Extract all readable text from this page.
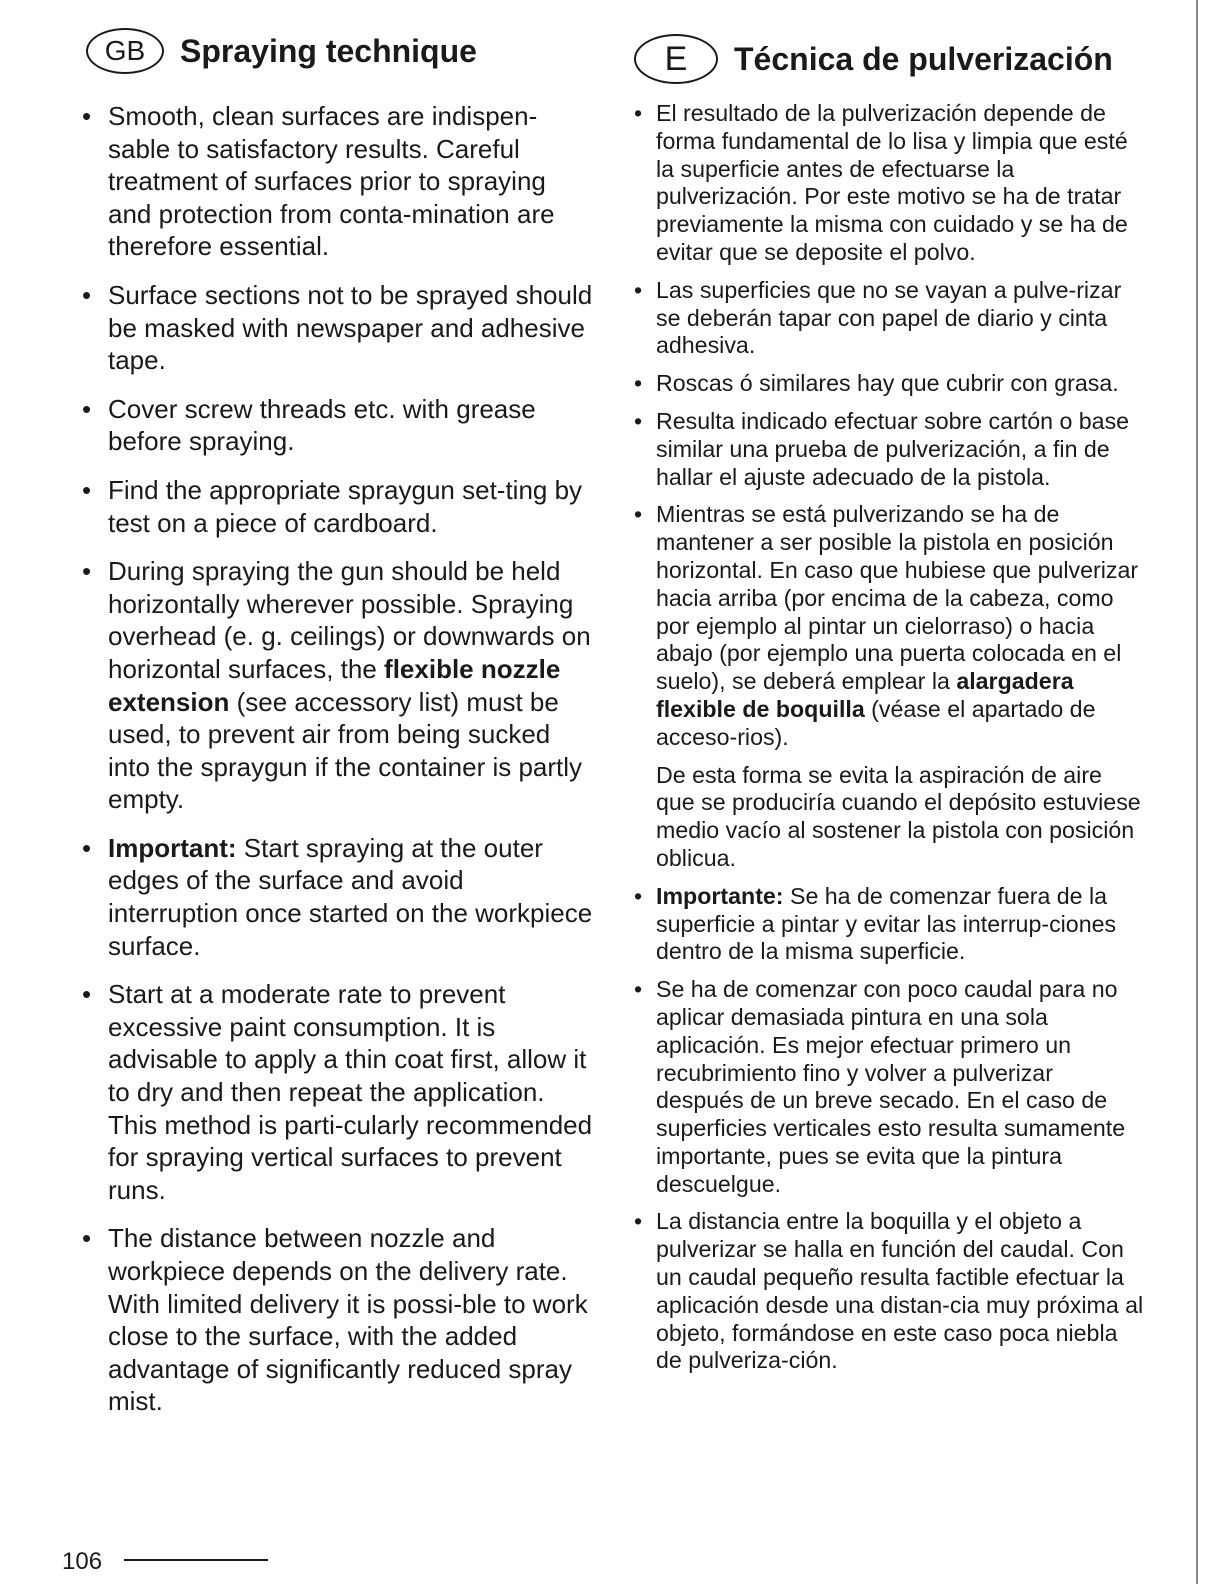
GB Spraying technique
• Smooth, clean surfaces are indispen-sable to satisfactory results. Careful treatment of surfaces prior to spraying and protection from conta-mination are therefore essential.
• Surface sections not to be sprayed should be masked with newspaper and adhesive tape.
• Cover screw threads etc. with grease before spraying.
• Find the appropriate spraygun set-ting by test on a piece of cardboard.
• During spraying the gun should be held horizontally wherever possible. Spraying overhead (e. g. ceilings) or downwards on horizontal surfaces, the flexible nozzle extension (see accessory list) must be used, to prevent air from being sucked into the spraygun if the container is partly empty.
• Important: Start spraying at the outer edges of the surface and avoid interruption once started on the workpiece surface.
• Start at a moderate rate to prevent excessive paint consumption. It is advisable to apply a thin coat first, allow it to dry and then repeat the application. This method is parti-cularly recommended for spraying vertical surfaces to prevent runs.
• The distance between nozzle and workpiece depends on the delivery rate. With limited delivery it is possi-ble to work close to the surface, with the added advantage of significantly reduced spray mist.
E Técnica de pulverización
• El resultado de la pulverización depende de forma fundamental de lo lisa y limpia que esté la superficie antes de efectuarse la pulverización. Por este motivo se ha de tratar previamente la misma con cuidado y se ha de evitar que se deposite el polvo.
• Las superficies que no se vayan a pulve-rizar se deberán tapar con papel de diario y cinta adhesiva.
• Roscas ó similares hay que cubrir con grasa.
• Resulta indicado efectuar sobre cartón o base similar una prueba de pulverización, a fin de hallar el ajuste adecuado de la pistola.
• Mientras se está pulverizando se ha de mantener a ser posible la pistola en posición horizontal. En caso que hubiese que pulverizar hacia arriba (por encima de la cabeza, como por ejemplo al pintar un cielorraso) o hacia abajo (por ejemplo una puerta colocada en el suelo), se deberá emplear la alargadera flexible de boquilla (véase el apartado de acceso-rios).
De esta forma se evita la aspiración de aire que se produciría cuando el depósito estuviese medio vacío al sostener la pistola con posición oblicua.
• Importante: Se ha de comenzar fuera de la superficie a pintar y evitar las interrup-ciones dentro de la misma superficie.
• Se ha de comenzar con poco caudal para no aplicar demasiada pintura en una sola aplicación. Es mejor efectuar primero un recubrimiento fino y volver a pulverizar después de un breve secado. En el caso de superficies verticales esto resulta sumamente importante, pues se evita que la pintura descuelgue.
• La distancia entre la boquilla y el objeto a pulverizar se halla en función del caudal. Con un caudal pequeño resulta factible efectuar la aplicación desde una distan-cia muy próxima al objeto, formándose en este caso poca niebla de pulveriza-ción.
106
